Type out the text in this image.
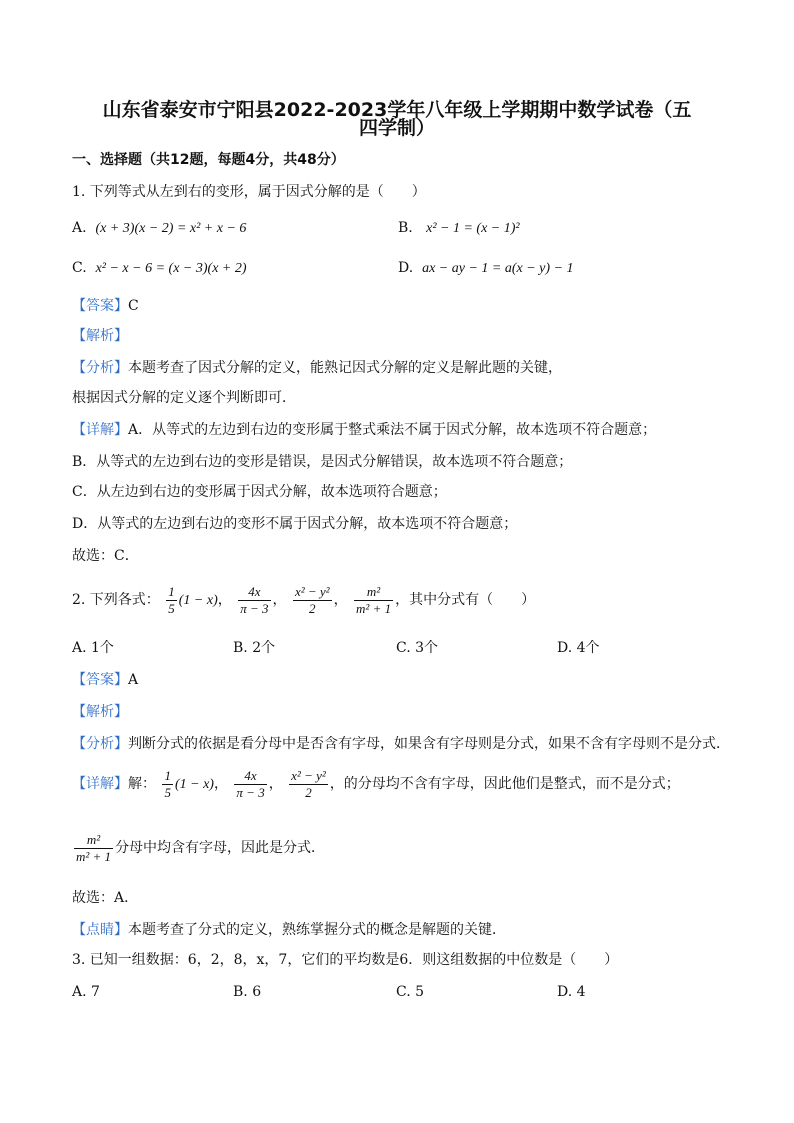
山东省泰安市宁阳县2022-2023学年八年级上学期期中数学试卷（五
四学制）
一、选择题（共12题，每题4分，共48分）
1. 下列等式从左到右的变形，属于因式分解的是（　　）
A. (x + 3)(x − 2) = x² + x − 6	B. x² − 1 = (x − 1)²
C. x² − x − 6 = (x − 3)(x + 2)	D. ax − ay − 1 = a(x − y) − 1
【答案】C
【解析】
【分析】本题考查了因式分解的定义，能熟记因式分解的定义是解此题的关键，
根据因式分解的定义逐个判断即可．
【详解】A．从等式的左边到右边的变形属于整式乘法不属于因式分解，故本选项不符合题意；
B．从等式的左边到右边的变形是错误，是因式分解错误，故本选项不符合题意；
C．从左边到右边的变形属于因式分解，故本选项符合题意；
D．从等式的左边到右边的变形不属于因式分解，故本选项不符合题意；
故选：C．
2. 下列各式： $\frac{1}{5} (1 - x)$， $\frac{4x}{\pi - 3}$ ， $\frac{\text{x² − y²}}{2}$ ， $\frac{\text{m²}}{\text{m² + 1}}$ ，其中分式有（　　）
A. 1个	B. 2个	C. 3个	D. 4个
【答案】A
【解析】
【分析】判断分式的依据是看分母中是否含有字母，如果含有字母则是分式，如果不含有字母则不是分式．
【详解】解： $\frac{1}{5} (1 - x)$， $\frac{4x}{\pi - 3}$ ， $\frac{\text{x² − y²}}{2}$ ，的分母均不含有字母，因此他们是整式，而不是分式；
$\frac{\text{m²}}{\text{m² + 1}}$ 分母中均含有字母，因此是分式．
故选：A．
【点睛】本题考查了分式的定义，熟练掌握分式的概念是解题的关键．
3. 已知一组数据：6，2，8，x，7，它们的平均数是6．则这组数据的中位数是（　　）
A. 7	B. 6	C. 5	D. 4
